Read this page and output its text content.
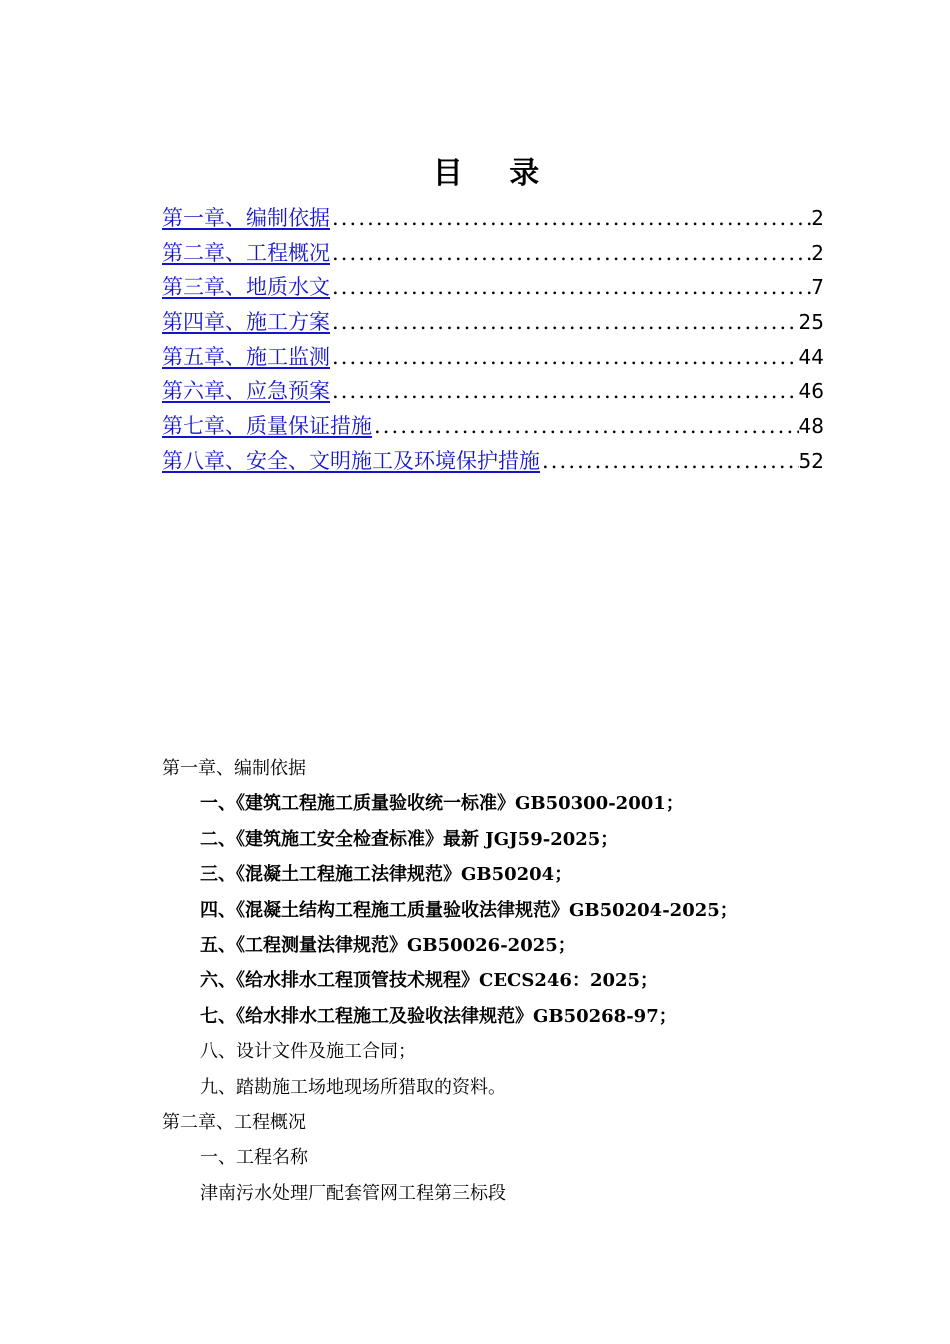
目 录
第一章、编制依据 .....	2
第二章、工程概况 .....	2
第三章、地质水文 .....	7
第四章、施工方案 .....	25
第五章、施工监测 .....	44
第六章、应急预案 .....	46
第七章、质量保证措施 .....	48
第八章、安全、文明施工及环境保护措施 .....	52
第一章、编制依据
一、《建筑工程施工质量验收统一标准》GB50300-2001；
二、《建筑施工安全检查标准》最新 JGJ59-2025；
三、《混凝土工程施工法律规范》GB50204；
四、《混凝土结构工程施工质量验收法律规范》GB50204-2025；
五、《工程测量法律规范》GB50026-2025；
六、《给水排水工程顶管技术规程》CECS246：2025；
七、《给水排水工程施工及验收法律规范》GB50268-97；
八、设计文件及施工合同；
九、踏勘施工场地现场所猎取的资料。
第二章、工程概况
一、工程名称
津南污水处理厂配套管网工程第三标段
